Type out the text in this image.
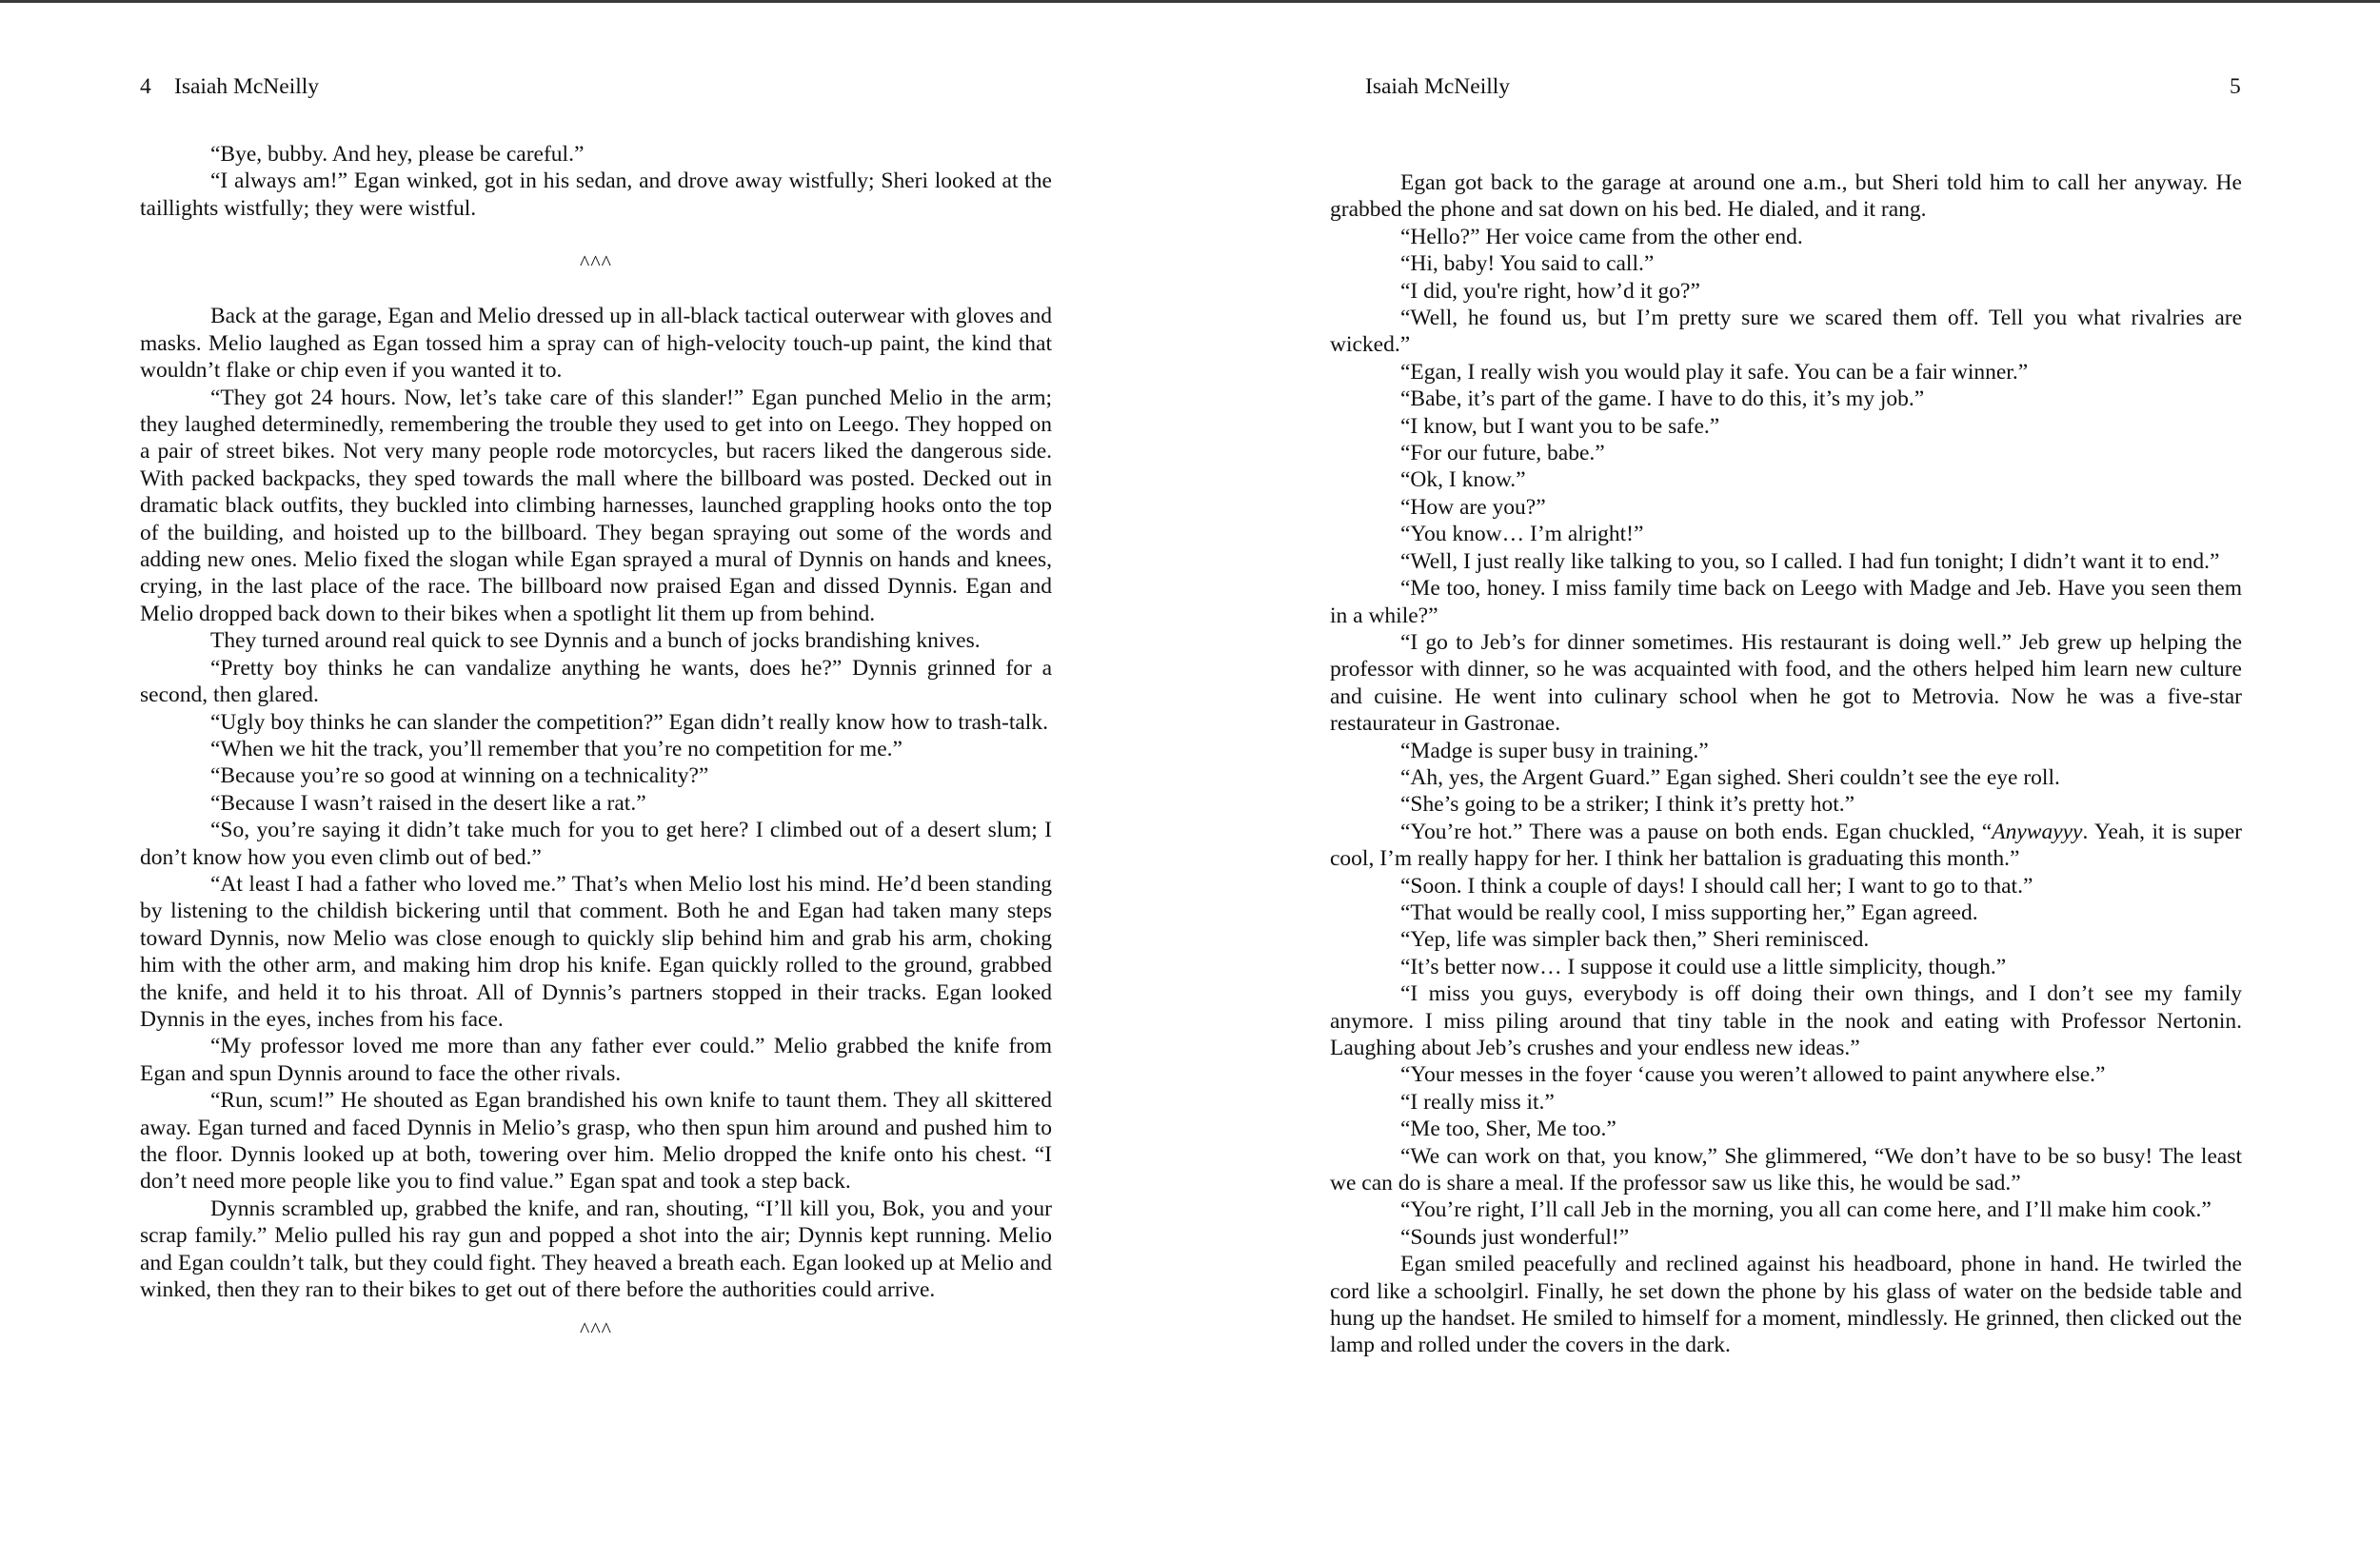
4 Isaiah McNeilly

“Bye, bubby. And hey, please be careful.”

“I always am!” Egan winked, got in his sedan, and drove away wistfully; Sheri looked at the taillights wistfully; they were wistful.

^^^

Back at the garage, Egan and Melio dressed up in all-black tactical outerwear with gloves and masks. Melio laughed as Egan tossed him a spray can of high-velocity touch-up paint, the kind that wouldn’t flake or chip even if you wanted it to.

“They got 24 hours. Now, let’s take care of this slander!” Egan punched Melio in the arm; they laughed determinedly, remembering the trouble they used to get into on Leego. They hopped on a pair of street bikes. Not very many people rode motorcycles, but racers liked the dangerous side. With packed backpacks, they sped towards the mall where the billboard was posted. Decked out in dramatic black outfits, they buckled into climbing harnesses, launched grappling hooks onto the top of the building, and hoisted up to the billboard. They began spraying out some of the words and adding new ones. Melio fixed the slogan while Egan sprayed a mural of Dynnis on hands and knees, crying, in the last place of the race. The billboard now praised Egan and dissed Dynnis. Egan and Melio dropped back down to their bikes when a spotlight lit them up from behind.

They turned around real quick to see Dynnis and a bunch of jocks brandishing knives.

“Pretty boy thinks he can vandalize anything he wants, does he?” Dynnis grinned for a second, then glared.

“Ugly boy thinks he can slander the competition?” Egan didn’t really know how to trash-talk.

“When we hit the track, you’ll remember that you’re no competition for me.”

“Because you’re so good at winning on a technicality?”

“Because I wasn’t raised in the desert like a rat.”

“So, you’re saying it didn’t take much for you to get here? I climbed out of a desert slum; I don’t know how you even climb out of bed.”

“At least I had a father who loved me.” That’s when Melio lost his mind. He’d been standing by listening to the childish bickering until that comment. Both he and Egan had taken many steps toward Dynnis, now Melio was close enough to quickly slip behind him and grab his arm, choking him with the other arm, and making him drop his knife. Egan quickly rolled to the ground, grabbed the knife, and held it to his throat. All of Dynnis’s partners stopped in their tracks. Egan looked Dynnis in the eyes, inches from his face.

“My professor loved me more than any father ever could.” Melio grabbed the knife from Egan and spun Dynnis around to face the other rivals.

“Run, scum!” He shouted as Egan brandished his own knife to taunt them. They all skittered away. Egan turned and faced Dynnis in Melio’s grasp, who then spun him around and pushed him to the floor. Dynnis looked up at both, towering over him. Melio dropped the knife onto his chest. “I don’t need more people like you to find value.” Egan spat and took a step back.

Dynnis scrambled up, grabbed the knife, and ran, shouting, “I’ll kill you, Bok, you and your scrap family.” Melio pulled his ray gun and popped a shot into the air; Dynnis kept running. Melio and Egan couldn’t talk, but they could fight. They heaved a breath each. Egan looked up at Melio and winked, then they ran to their bikes to get out of there before the authorities could arrive.

^^^

Isaiah McNeilly	5

Egan got back to the garage at around one a.m., but Sheri told him to call her anyway. He grabbed the phone and sat down on his bed. He dialed, and it rang.

“Hello?” Her voice came from the other end.

“Hi, baby! You said to call.”

“I did, you're right, how’d it go?”

“Well, he found us, but I’m pretty sure we scared them off. Tell you what rivalries are wicked.”

“Egan, I really wish you would play it safe. You can be a fair winner.”

“Babe, it’s part of the game. I have to do this, it’s my job.”

“I know, but I want you to be safe.”

“For our future, babe.”

“Ok, I know.”

“How are you?”

“You know… I’m alright!”

“Well, I just really like talking to you, so I called. I had fun tonight; I didn’t want it to end.”

“Me too, honey. I miss family time back on Leego with Madge and Jeb. Have you seen them in a while?”

“I go to Jeb’s for dinner sometimes. His restaurant is doing well.” Jeb grew up helping the professor with dinner, so he was acquainted with food, and the others helped him learn new culture and cuisine. He went into culinary school when he got to Metrovia. Now he was a five-star restaurateur in Gastronae.

“Madge is super busy in training.”

“Ah, yes, the Argent Guard.” Egan sighed. Sheri couldn’t see the eye roll.

“She’s going to be a striker; I think it’s pretty hot.”

“You’re hot.” There was a pause on both ends. Egan chuckled, “Anywayyy. Yeah, it is super cool, I’m really happy for her. I think her battalion is graduating this month.”

“Soon. I think a couple of days! I should call her; I want to go to that.”

“That would be really cool, I miss supporting her,” Egan agreed.

“Yep, life was simpler back then,” Sheri reminisced.

“It’s better now… I suppose it could use a little simplicity, though.”

“I miss you guys, everybody is off doing their own things, and I don’t see my family anymore. I miss piling around that tiny table in the nook and eating with Professor Nertonin. Laughing about Jeb’s crushes and your endless new ideas.”

“Your messes in the foyer ‘cause you weren’t allowed to paint anywhere else.”

“I really miss it.”

“Me too, Sher, Me too.”

“We can work on that, you know,” She glimmered, “We don’t have to be so busy! The least we can do is share a meal. If the professor saw us like this, he would be sad.”

“You’re right, I’ll call Jeb in the morning, you all can come here, and I’ll make him cook.”

“Sounds just wonderful!”

Egan smiled peacefully and reclined against his headboard, phone in hand. He twirled the cord like a schoolgirl. Finally, he set down the phone by his glass of water on the bedside table and hung up the handset. He smiled to himself for a moment, mindlessly. He grinned, then clicked out the lamp and rolled under the covers in the dark.
